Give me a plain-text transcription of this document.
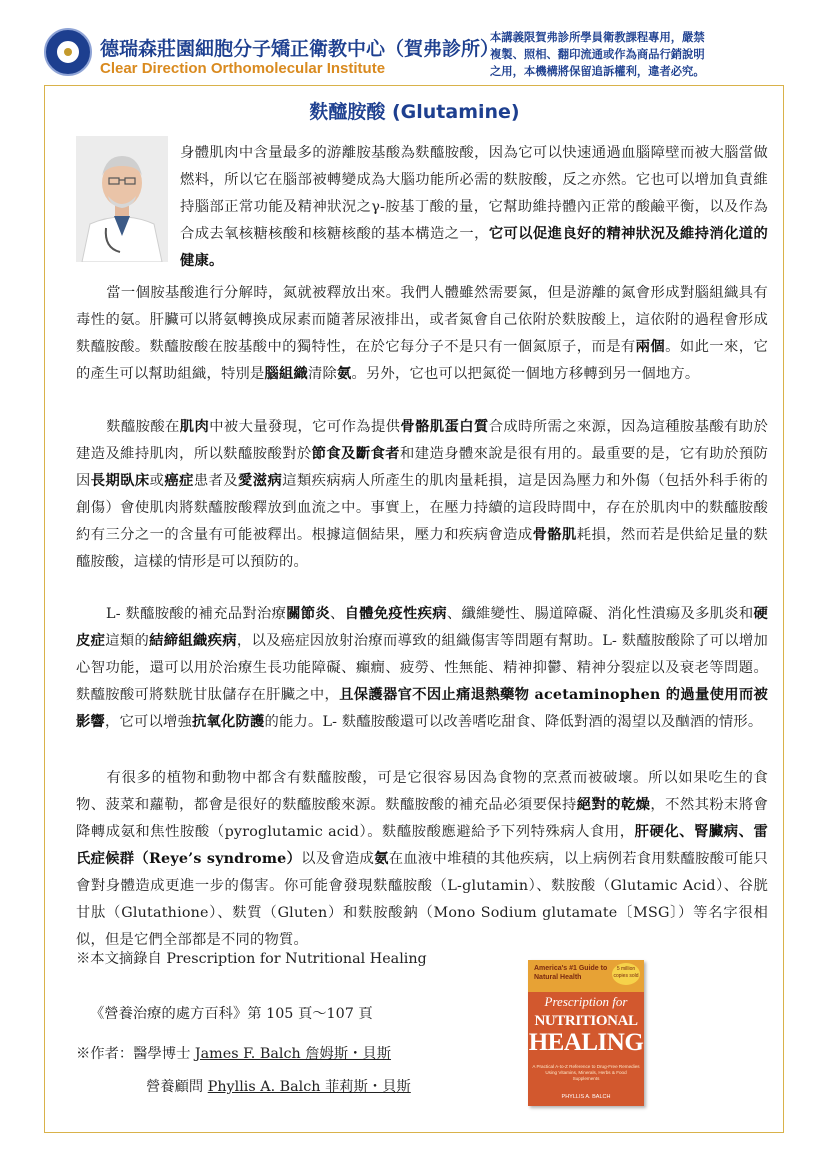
德瑞森莊園細胞分子矯正衛教中心（賀弗診所）
Clear Direction Orthomolecular Institute
本講義限賀弗診所學員衛教課程專用，嚴禁
複製、照相、翻印流通或作為商品行銷說明
之用，本機構將保留追訴權利，違者必究。
麩醯胺酸 (Glutamine)

身體肌肉中含量最多的游離胺基酸為麩醯胺酸，因為它可以快速通過血腦障壁而被大腦當做燃料，所以它在腦部被轉變成為大腦功能所必需的麩胺酸，反之亦然。它也可以增加負責維持腦部正常功能及精神狀況之γ-胺基丁酸的量，它幫助維持體內正常的酸鹼平衡，以及作為合成去氧核糖核酸和核糖核酸的基本構造之一，它可以促進良好的精神狀況及維持消化道的健康。

當一個胺基酸進行分解時，氮就被釋放出來。我們人體雖然需要氮，但是游離的氮會形成對腦組織具有毒性的氨。肝臟可以將氨轉換成尿素而隨著尿液排出，或者氮會自己依附於麩胺酸上，這依附的過程會形成麩醯胺酸。麩醯胺酸在胺基酸中的獨特性，在於它每分子不是只有一個氮原子，而是有兩個。如此一來，它的產生可以幫助組織，特別是腦組織清除氨。另外，它也可以把氮從一個地方移轉到另一個地方。

麩醯胺酸在肌肉中被大量發現，它可作為提供骨骼肌蛋白質合成時所需之來源，因為這種胺基酸有助於建造及維持肌肉，所以麩醯胺酸對於節食及斷食者和建造身體來說是很有用的。最重要的是，它有助於預防因長期臥床或癌症患者及愛滋病這類疾病病人所產生的肌肉量耗損，這是因為壓力和外傷（包括外科手術的創傷）會使肌肉將麩醯胺酸釋放到血流之中。事實上，在壓力持續的這段時間中，存在於肌肉中的麩醯胺酸約有三分之一的含量有可能被釋出。根據這個結果，壓力和疾病會造成骨骼肌耗損，然而若是供給足量的麩醯胺酸，這樣的情形是可以預防的。

L- 麩醯胺酸的補充品對治療關節炎、自體免疫性疾病、纖維變性、腸道障礙、消化性潰瘍及多肌炎和硬皮症這類的結締組織疾病，以及癌症因放射治療而導致的組織傷害等問題有幫助。L- 麩醯胺酸除了可以增加心智功能，還可以用於治療生長功能障礙、癲癇、疲勞、性無能、精神抑鬱、精神分裂症以及衰老等問題。麩醯胺酸可將麩胱甘肽儲存在肝臟之中，且保護器官不因止痛退熱藥物 acetaminophen 的過量使用而被影響，它可以增強抗氧化防護的能力。L- 麩醯胺酸還可以改善嗜吃甜食、降低對酒的渴望以及酗酒的情形。

有很多的植物和動物中都含有麩醯胺酸，可是它很容易因為食物的烹煮而被破壞。所以如果吃生的食物、菠菜和蘿勒，都會是很好的麩醯胺酸來源。麩醯胺酸的補充品必須要保持絕對的乾燥，不然其粉末將會降轉成氨和焦性胺酸（pyroglutamic acid）。麩醯胺酸應避給予下列特殊病人食用，肝硬化、腎臟病、雷氏症候群（Reye’s syndrome）以及會造成氨在血液中堆積的其他疾病，以上病例若食用麩醯胺酸可能只會對身體造成更進一步的傷害。你可能會發現麩醯胺酸（L-glutamin）、麩胺酸（Glutamic Acid）、谷胱甘肽（Glutathione）、麩質（Gluten）和麩胺酸鈉（Mono Sodium glutamate〔MSG〕）等名字很相似，但是它們全部都是不同的物質。

※本文摘錄自 Prescription for Nutritional Healing
《營養治療的處方百科》第 105 頁～107 頁
※作者：醫學博士 James F. Balch 詹姆斯・貝斯
營養顧問 Phyllis A. Balch 菲莉斯・貝斯
America's #1 Guide to Natural Health
5 million copies sold
Prescription for
NUTRITIONAL
HEALING
A Practical A-to-Z Reference to Drug-Free Remedies Using Vitamins, Minerals, Herbs & Food Supplements
PHYLLIS A. BALCH
